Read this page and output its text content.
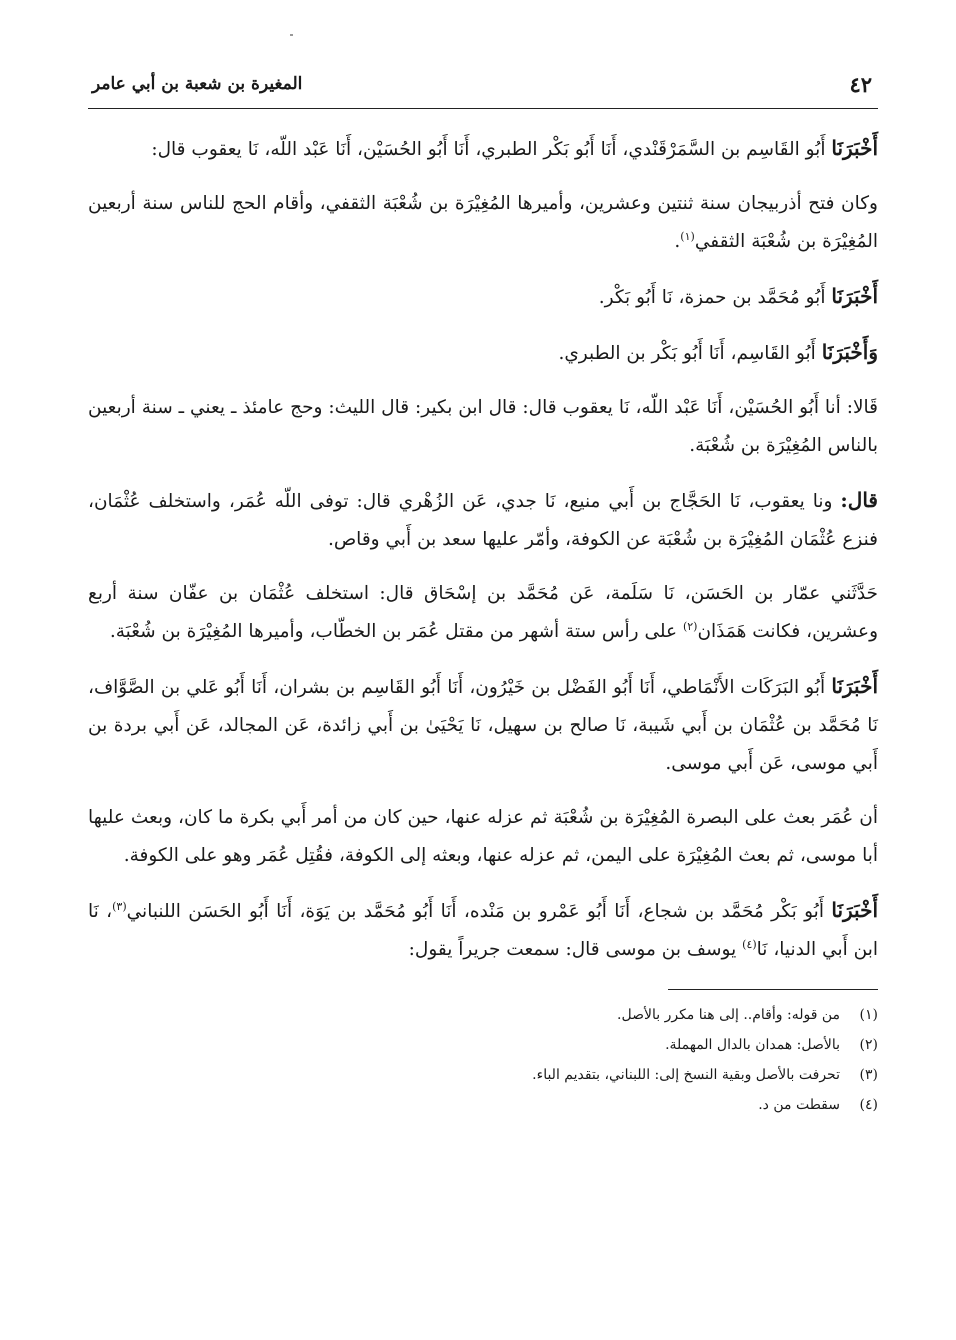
٤٢
المغيرة بن شعبة بن أبي عامر

أَخْبَرَنَا أَبُو القَاسِم بن السَّمَرْقَنْدي، أَنَا أَبُو بَكْر الطبري، أَنَا أَبُو الحُسَيْن، أَنَا عَبْد اللّه، نَا يعقوب قال:

وكان فتح أذربيجان سنة ثنتين وعشرين، وأميرها المُغِيْرَة بن شُعْبَة الثقفي، وأقام الحج للناس سنة أربعين المُغِيْرَة بن شُعْبَة الثقفي$^{(١)}$.

أَخْبَرَنَا أَبُو مُحَمَّد بن حمزة، نَا أَبُو بَكْر.

وَأَخْبَرَنَا أَبُو القَاسِم، أَنَا أَبُو بَكْر بن الطبري.

قَالا: أنا أَبُو الحُسَيْن، أَنَا عَبْد اللّه، نَا يعقوب قال: قال ابن بكير: قال الليث: وحج عامئذ ـ يعني ـ سنة أربعين بالناس المُغِيْرَة بن شُعْبَة.

قال: ونا يعقوب، نَا الحَجَّاج بن أَبي منيع، نَا جدي، عَن الزُهْري قال: توفى اللّه عُمَر، واستخلف عُثْمَان، فنزع عُثْمَان المُغِيْرَة بن شُعْبَة عن الكوفة، وأمّر عليها سعد بن أَبي وقاص.

حَدَّثَني عمّار بن الحَسَن، نَا سَلَمة، عَن مُحَمَّد بن إسْحَاق قال: استخلف عُثْمَان بن عفّان سنة أربع وعشرين، فكانت هَمَذَان$^{(٢)}$ على رأس ستة أشهر من مقتل عُمَر بن الخطّاب، وأميرها المُغِيْرَة بن شُعْبَة.

أَخْبَرَنَا أَبُو البَرَكَات الأَنْمَاطي، أَنَا أَبُو الفَضْل بن خَيْرُون، أَنَا أَبُو القَاسِم بن بشران، أَنَا أَبُو عَلي بن الصَّوَّاف، نَا مُحَمَّد بن عُثْمَان بن أَبي شَيبة، نَا صالح بن سهيل، نَا يَحْيَىٰ بن أَبي زائدة، عَن المجالد، عَن أَبي بردة بن أَبي موسى، عَن أَبي موسى.

أن عُمَر بعث على البصرة المُغِيْرَة بن شُعْبَة ثم عزله عنها، حين كان من أمر أَبي بكرة ما كان، وبعث عليها أبا موسى، ثم بعث المُغِيْرَة على اليمن، ثم عزله عنها، وبعثه إلى الكوفة، فقُتِل عُمَر وهو على الكوفة.

أَخْبَرَنَا أَبُو بَكْر مُحَمَّد بن شجاع، أَنَا أَبُو عَمْرو بن مَنْده، أَنَا أَبُو مُحَمَّد بن يَوَة، أَنَا أَبُو الحَسَن اللنباني$^{(٣)}$، نَا ابن أَبي الدنيا، نَا$^{(٤)}$ يوسف بن موسى قال: سمعت جريراً يقول:

(١)
من قوله: وأقام.. إلى هنا مكرر بالأصل.
(٢)
بالأصل: همدان بالدال المهملة.
(٣)
تحرفت بالأصل وبقية النسخ إلى: اللبناني، بتقديم الباء.
(٤)
سقطت من د.
